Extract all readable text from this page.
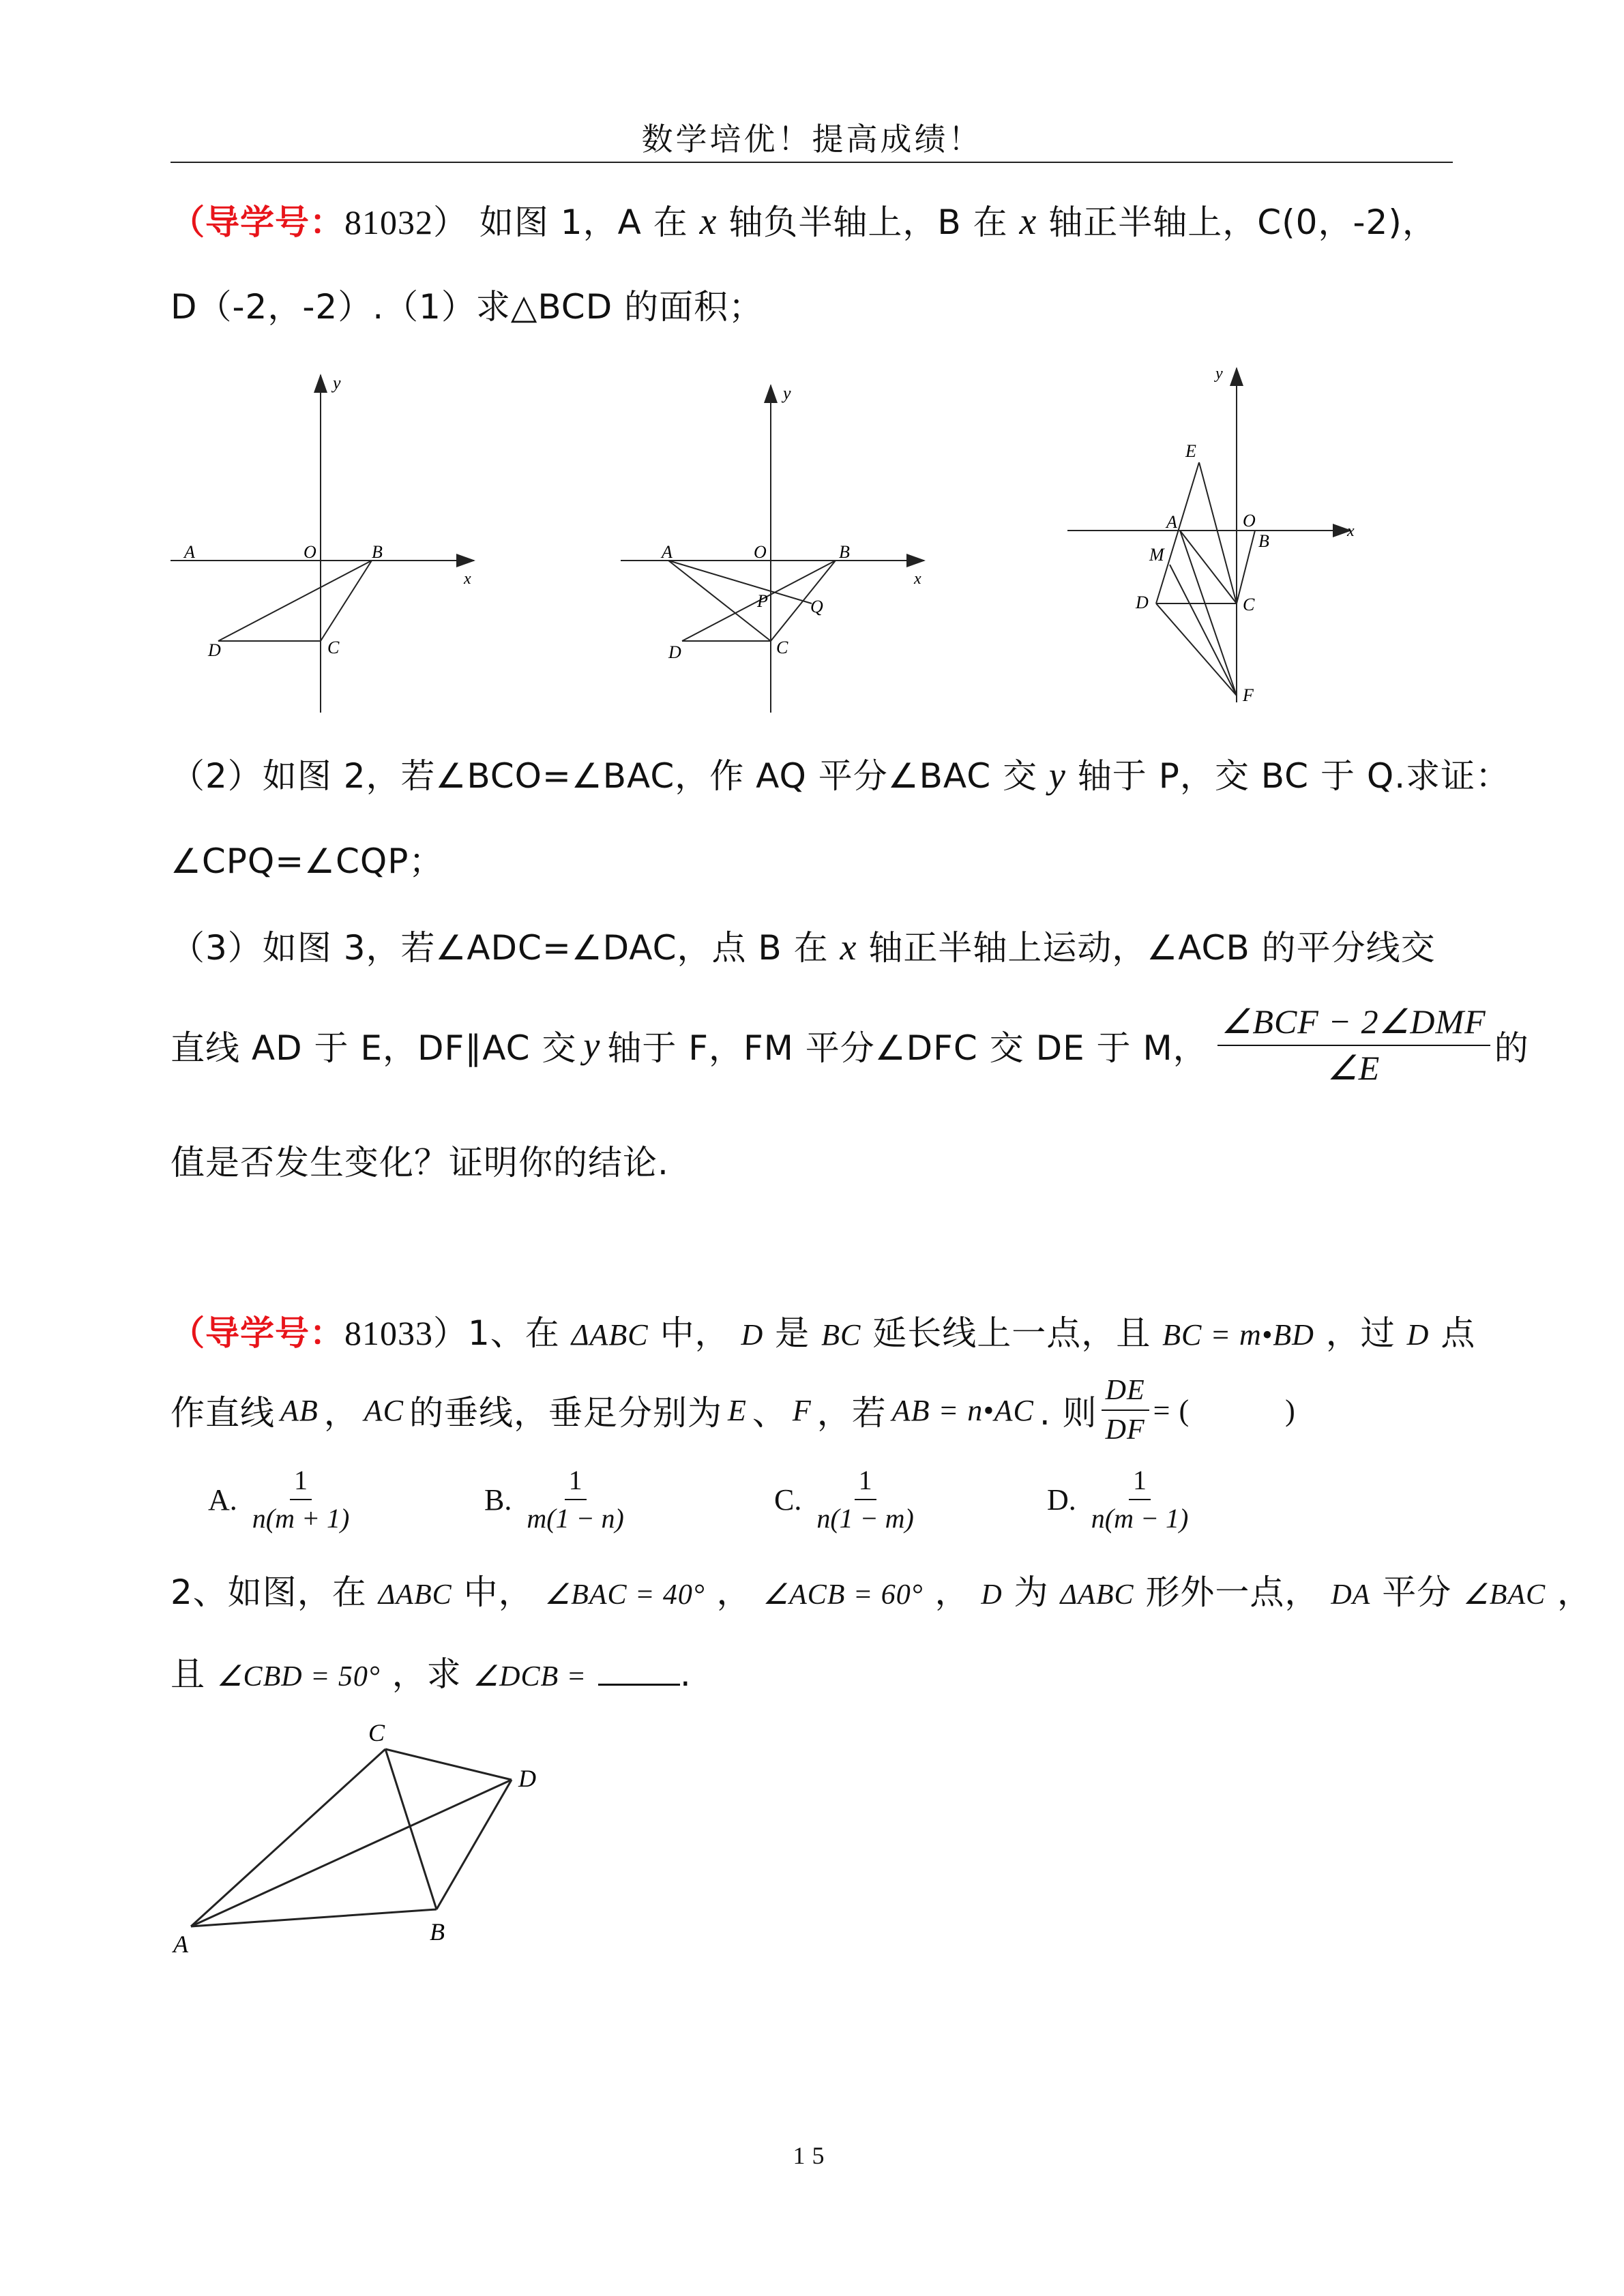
数学培优！提高成绩！
（导学号：81032） 如图 1，A 在 x 轴负半轴上，B 在 x 轴正半轴上，C(0，-2)，
D（-2，-2）.（1）求△BCD 的面积；
y
A	O	B
x
D	C
y
A	O	B
x
P Q
D	C
y
E
A	O
x
B
M
D	C
F
（2）如图 2，若∠BCO=∠BAC，作 AQ 平分∠BAC 交 y 轴于 P，交 BC 于 Q.求证：
∠CPQ=∠CQP；
（3）如图 3，若∠ADC=∠DAC，点 B 在 x 轴正半轴上运动，∠ACB 的平分线交
直线 AD 于 E，DF∥AC 交 y 轴于 F，FM 平分∠DFC 交 DE 于 M， $\frac{\text{∠BCF − 2∠DMF}}{\angle E}$ 的
值是否发生变化？证明你的结论.
（导学号：81033）1、在 ΔABC 中， D 是 BC 延长线上一点，且 BC = m•BD ，过 D 点
作直线 AB ， AC 的垂线，垂足分别为 E 、 F ，若 AB = n•AC . 则 $\frac{DE}{DF}$ = (	)
A. $\frac{1}{n(m + 1)}$	B. $\frac{1}{m(1 - n)}$	C. $\frac{1}{n(1 - m)}$	D. $\frac{1}{n(m - 1)}$
2、如图，在 ΔABC 中， ∠BAC = 40° ， ∠ACB = 60° ， D 为 ΔABC 形外一点， DA 平分 ∠BAC ，
且 ∠CBD = 50° ，求 ∠DCB =	.
C
D
A	B
15
